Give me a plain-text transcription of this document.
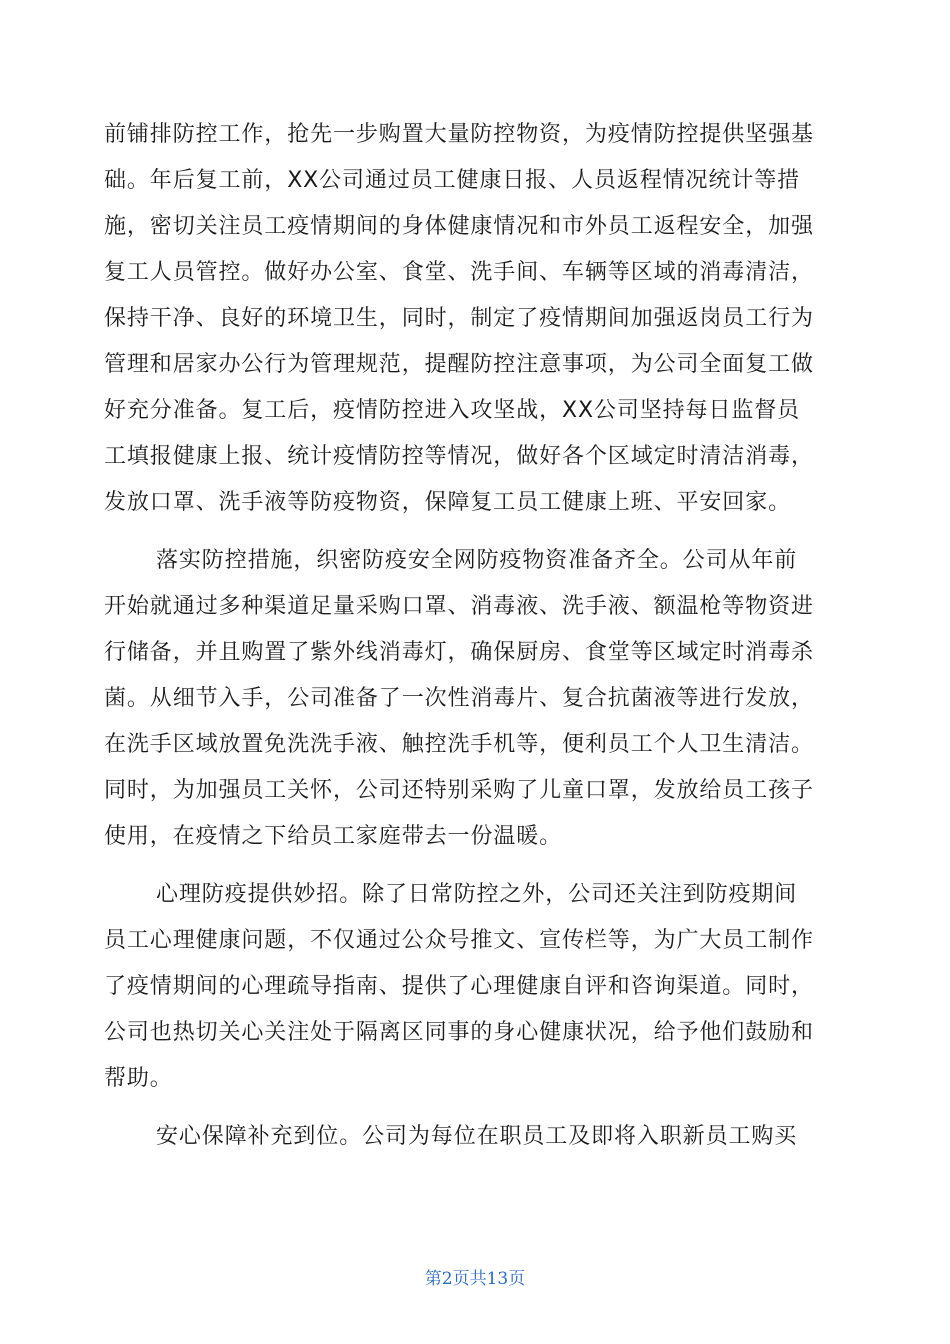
前铺排防控工作，抢先一步购置大量防控物资，为疫情防控提供坚强基
础。年后复工前，XX公司通过员工健康日报、人员返程情况统计等措
施，密切关注员工疫情期间的身体健康情况和市外员工返程安全，加强
复工人员管控。做好办公室、食堂、洗手间、车辆等区域的消毒清洁，
保持干净、良好的环境卫生，同时，制定了疫情期间加强返岗员工行为
管理和居家办公行为管理规范，提醒防控注意事项，为公司全面复工做
好充分准备。复工后，疫情防控进入攻坚战，XX公司坚持每日监督员
工填报健康上报、统计疫情防控等情况，做好各个区域定时清洁消毒，
发放口罩、洗手液等防疫物资，保障复工员工健康上班、平安回家。
落实防控措施，织密防疫安全网防疫物资准备齐全。公司从年前
开始就通过多种渠道足量采购口罩、消毒液、洗手液、额温枪等物资进
行储备，并且购置了紫外线消毒灯，确保厨房、食堂等区域定时消毒杀
菌。从细节入手，公司准备了一次性消毒片、复合抗菌液等进行发放，
在洗手区域放置免洗洗手液、触控洗手机等，便利员工个人卫生清洁。
同时，为加强员工关怀，公司还特别采购了儿童口罩，发放给员工孩子
使用，在疫情之下给员工家庭带去一份温暖。
心理防疫提供妙招。除了日常防控之外，公司还关注到防疫期间
员工心理健康问题，不仅通过公众号推文、宣传栏等，为广大员工制作
了疫情期间的心理疏导指南、提供了心理健康自评和咨询渠道。同时，
公司也热切关心关注处于隔离区同事的身心健康状况，给予他们鼓励和
帮助。
安心保障补充到位。公司为每位在职员工及即将入职新员工购买
第2页共13页
